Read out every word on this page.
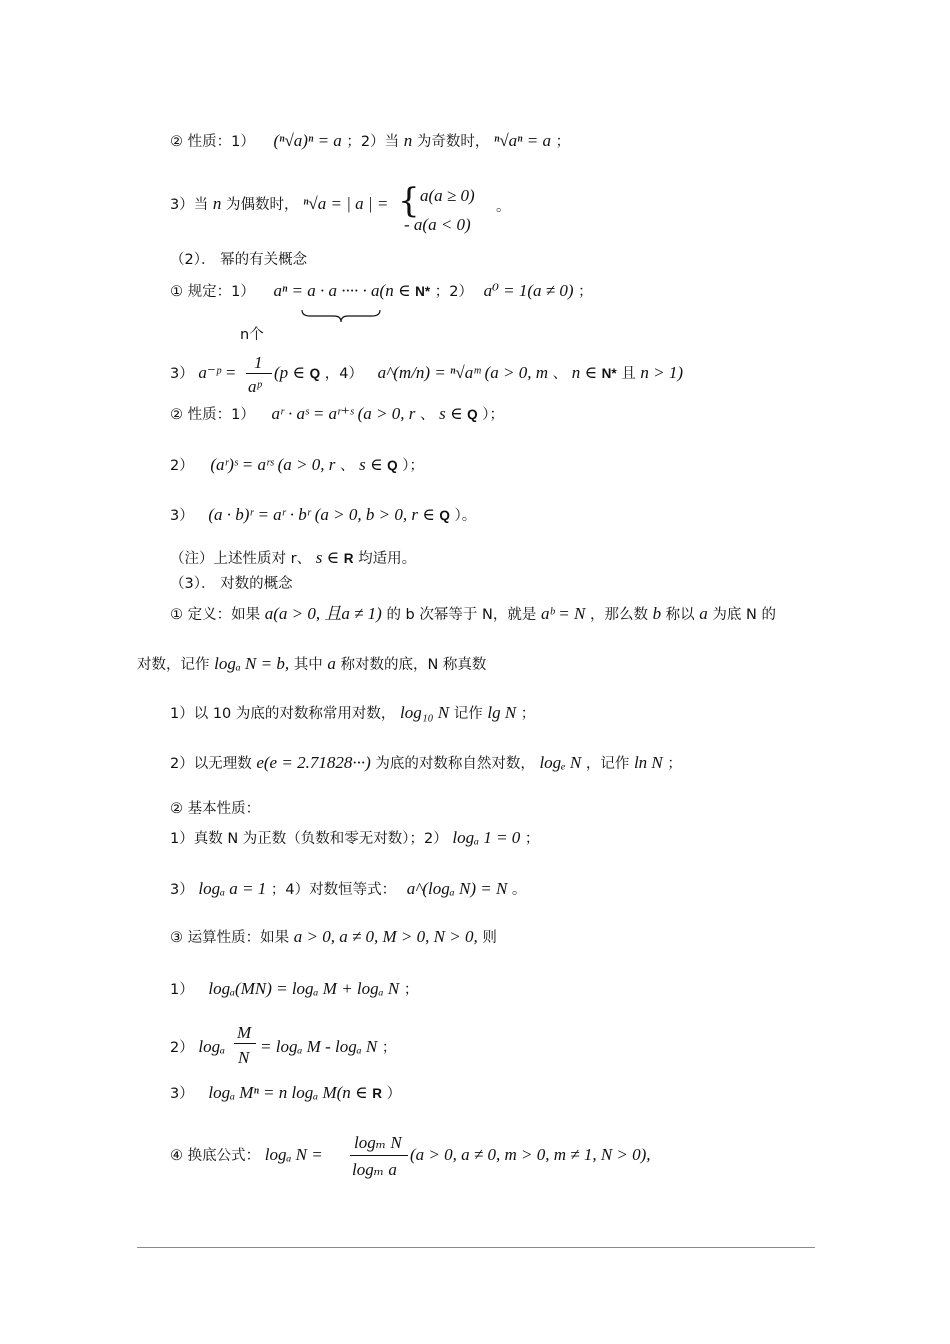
② 性质：1） (ⁿ√a)ⁿ = a ；2）当 n 为奇数时， ⁿ√aⁿ = a ；
3）当 n 为偶数时， ⁿ√a = | a | = { a(a ≥ 0)
- a(a < 0)
。
（2）． 幂的有关概念
① 规定：1） aⁿ = a · a ···· · a(n ∈ N* ；2） a⁰ = 1(a ≠ 0) ；
n个
3） a⁻ᵖ =
1
aᵖ
(p ∈ Q ，4） a^(m/n) = ⁿ√aᵐ (a > 0, m 、 n ∈ N* 且 n > 1)
② 性质：1） aʳ · aˢ = aʳ⁺ˢ (a > 0, r 、 s ∈ Q ）；
2） (aʳ)ˢ = aʳˢ (a > 0, r 、 s ∈ Q ）；
3） (a · b)ʳ = aʳ · bʳ (a > 0, b > 0, r ∈ Q ）。
（注）上述性质对 r、 s ∈ R 均适用。
（3）． 对数的概念
① 定义：如果 a(a > 0, 且a ≠ 1) 的 b 次幂等于 N，就是 aᵇ = N ，那么数 b 称以 a 为底 N 的
对数，记作 logₐ N = b, 其中 a 称对数的底，N 称真数
1）以 10 为底的对数称常用对数， log₁₀ N 记作 lg N ；
2）以无理数 e(e = 2.71828···) 为底的对数称自然对数， logₑ N ，记作 ln N ；
② 基本性质：
1）真数 N 为正数（负数和零无对数）；2） logₐ 1 = 0 ；
3） logₐ a = 1 ；4）对数恒等式： a^(logₐ N) = N 。
③ 运算性质：如果 a > 0, a ≠ 0, M > 0, N > 0, 则
1） logₐ(MN) = logₐ M + logₐ N ；
2） logₐ
M
N
= logₐ M - logₐ N ；
3） logₐ Mⁿ = n logₐ M(n ∈ R ）
④ 换底公式： logₐ N =
logₘ N
logₘ a
(a > 0, a ≠ 0, m > 0, m ≠ 1, N > 0),
